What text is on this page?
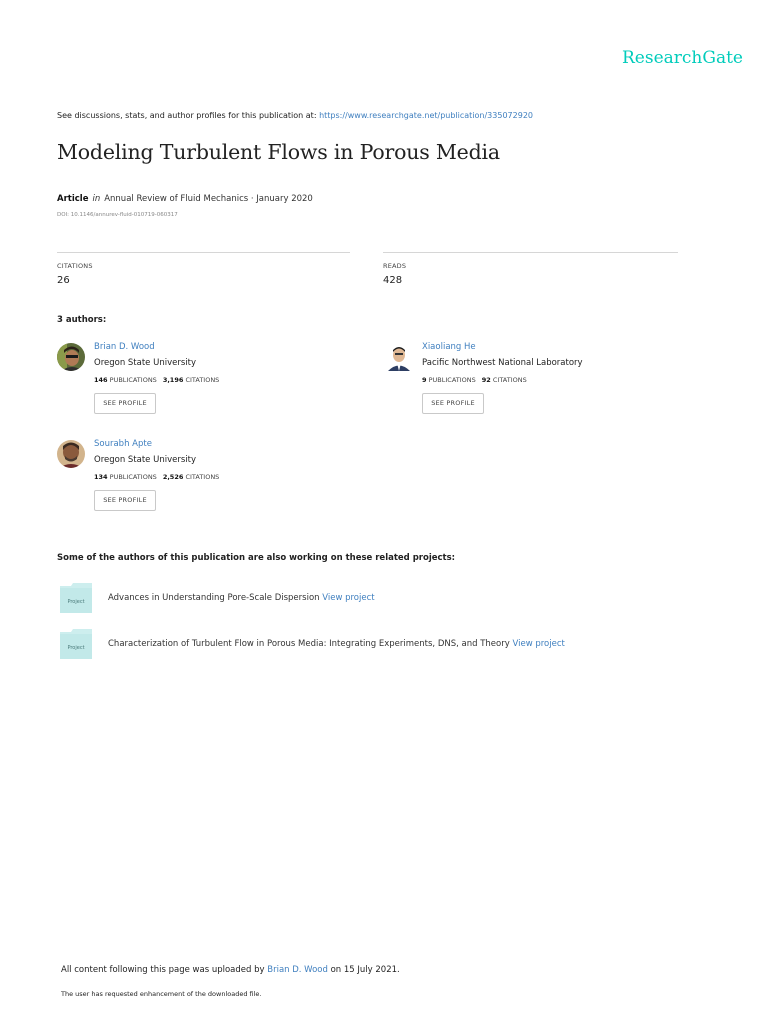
ResearchGate
See discussions, stats, and author profiles for this publication at: https://www.researchgate.net/publication/335072920
Modeling Turbulent Flows in Porous Media
Article in Annual Review of Fluid Mechanics · January 2020
DOI: 10.1146/annurev-fluid-010719-060317
CITATIONS
26
READS
428
3 authors:
Brian D. Wood
Oregon State University
146 PUBLICATIONS 3,196 CITATIONS
SEE PROFILE
Xiaoliang He
Pacific Northwest National Laboratory
9 PUBLICATIONS 92 CITATIONS
SEE PROFILE
Sourabh Apte
Oregon State University
134 PUBLICATIONS 2,526 CITATIONS
SEE PROFILE
Some of the authors of this publication are also working on these related projects:
Project	Advances in Understanding Pore-Scale Dispersion View project
Project	Characterization of Turbulent Flow in Porous Media: Integrating Experiments, DNS, and Theory View project
All content following this page was uploaded by Brian D. Wood on 15 July 2021.
The user has requested enhancement of the downloaded file.
